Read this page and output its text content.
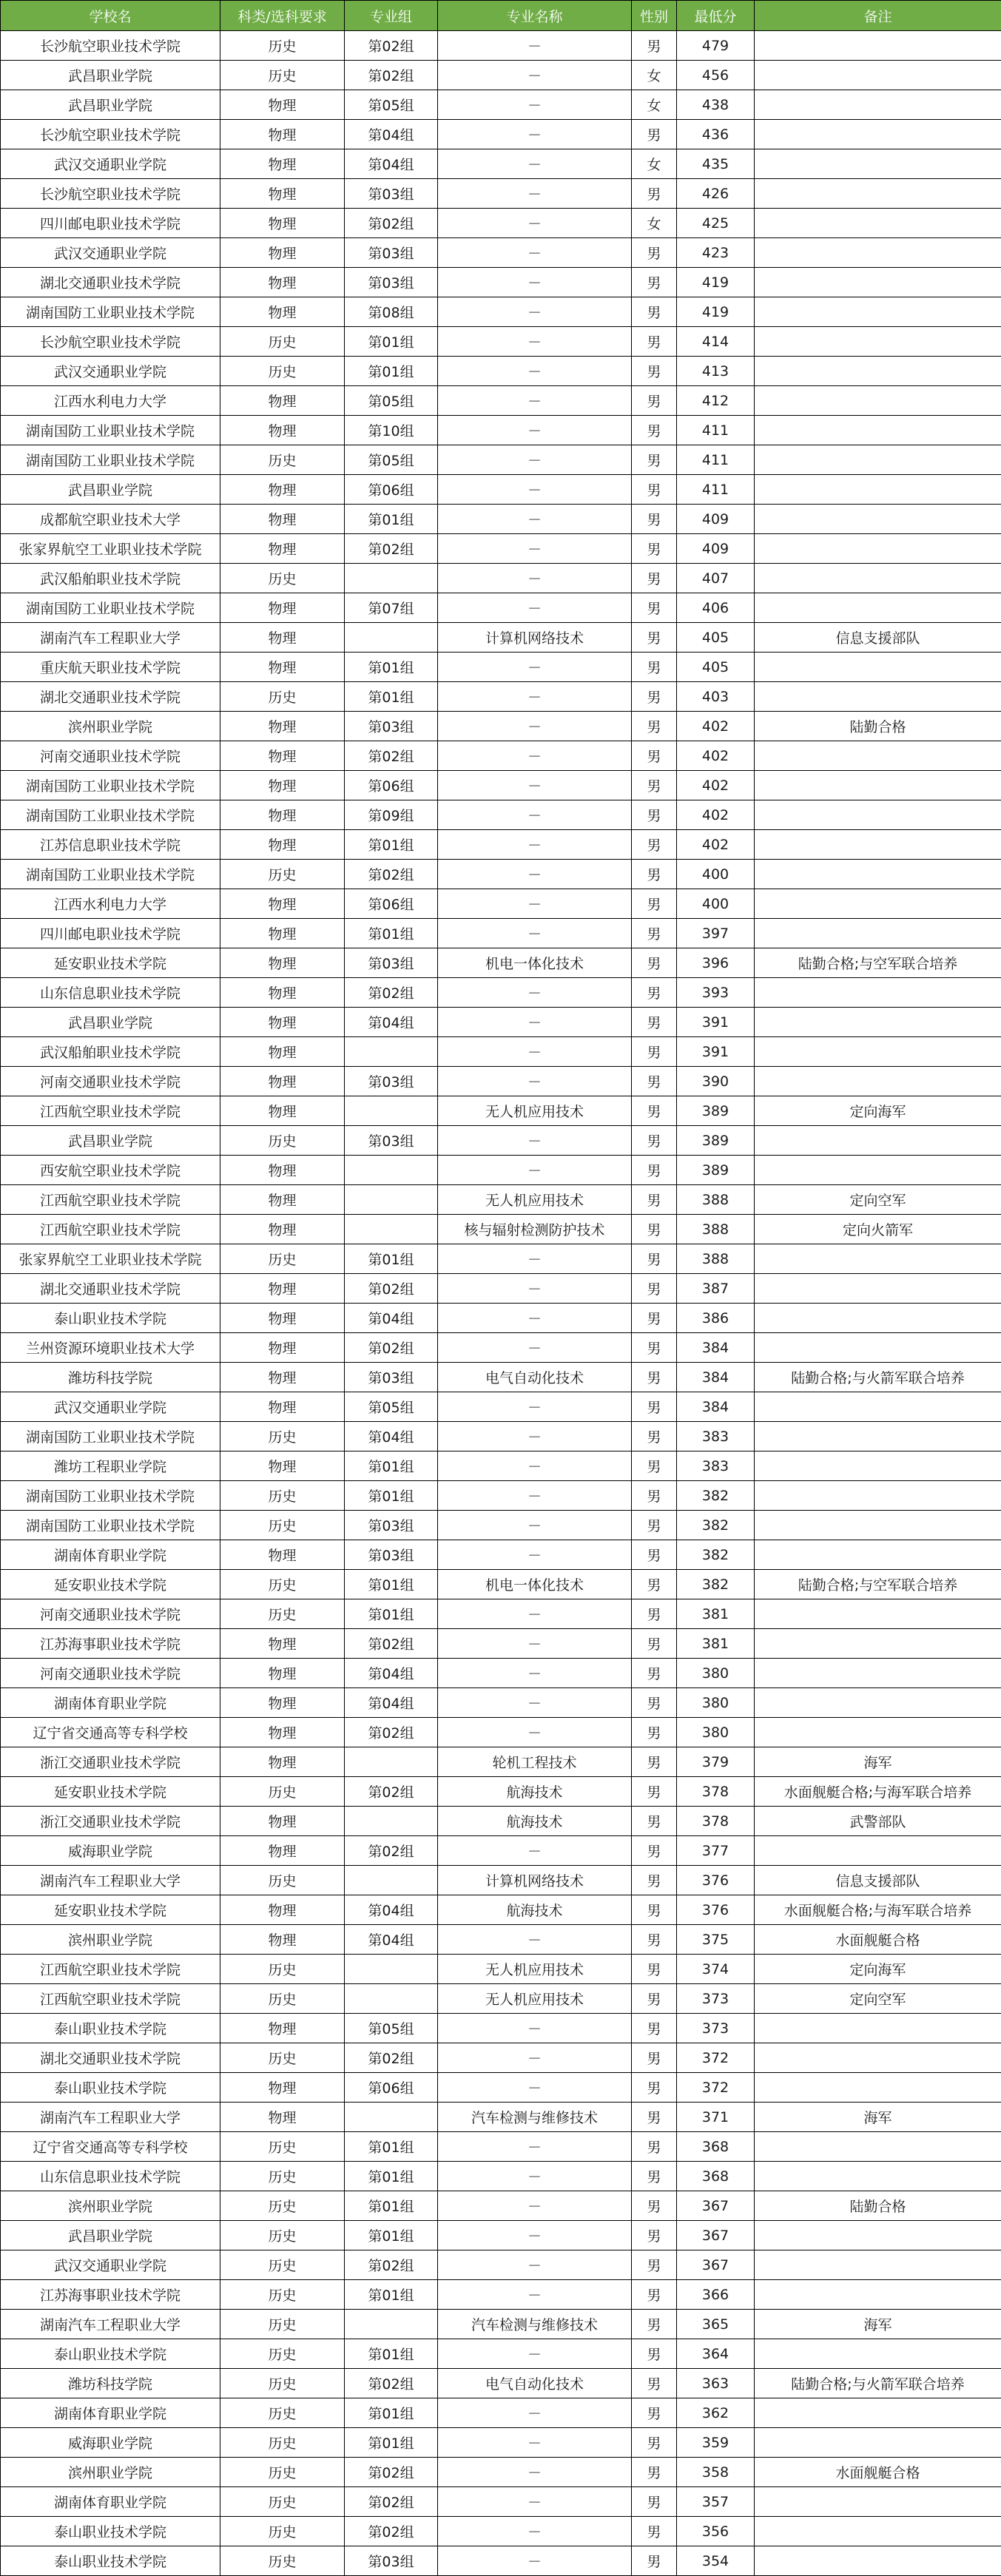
学校名	科类/选科要求	专业组	专业名称	性别	最低分	备注
长沙航空职业技术学院	历史	第02组	－	男	479	
武昌职业学院	历史	第02组	－	女	456	
武昌职业学院	物理	第05组	－	女	438	
长沙航空职业技术学院	物理	第04组	－	男	436	
武汉交通职业学院	物理	第04组	－	女	435	
长沙航空职业技术学院	物理	第03组	－	男	426	
四川邮电职业技术学院	物理	第02组	－	女	425	
武汉交通职业学院	物理	第03组	－	男	423	
湖北交通职业技术学院	物理	第03组	－	男	419	
湖南国防工业职业技术学院	物理	第08组	－	男	419	
长沙航空职业技术学院	历史	第01组	－	男	414	
武汉交通职业学院	历史	第01组	－	男	413	
江西水利电力大学	物理	第05组	－	男	412	
湖南国防工业职业技术学院	物理	第10组	－	男	411	
湖南国防工业职业技术学院	历史	第05组	－	男	411	
武昌职业学院	物理	第06组	－	男	411	
成都航空职业技术大学	物理	第01组	－	男	409	
张家界航空工业职业技术学院	物理	第02组	－	男	409	
武汉船舶职业技术学院	历史		－	男	407	
湖南国防工业职业技术学院	物理	第07组	－	男	406	
湖南汽车工程职业大学	物理		计算机网络技术	男	405	信息支援部队
重庆航天职业技术学院	物理	第01组	－	男	405	
湖北交通职业技术学院	历史	第01组	－	男	403	
滨州职业学院	物理	第03组	－	男	402	陆勤合格
河南交通职业技术学院	物理	第02组	－	男	402	
湖南国防工业职业技术学院	物理	第06组	－	男	402	
湖南国防工业职业技术学院	物理	第09组	－	男	402	
江苏信息职业技术学院	物理	第01组	－	男	402	
湖南国防工业职业技术学院	历史	第02组	－	男	400	
江西水利电力大学	物理	第06组	－	男	400	
四川邮电职业技术学院	物理	第01组	－	男	397	
延安职业技术学院	物理	第03组	机电一体化技术	男	396	陆勤合格;与空军联合培养
山东信息职业技术学院	物理	第02组	－	男	393	
武昌职业学院	物理	第04组	－	男	391	
武汉船舶职业技术学院	物理		－	男	391	
河南交通职业技术学院	物理	第03组	－	男	390	
江西航空职业技术学院	物理		无人机应用技术	男	389	定向海军
武昌职业学院	历史	第03组	－	男	389	
西安航空职业技术学院	物理		－	男	389	
江西航空职业技术学院	物理		无人机应用技术	男	388	定向空军
江西航空职业技术学院	物理		核与辐射检测防护技术	男	388	定向火箭军
张家界航空工业职业技术学院	历史	第01组	－	男	388	
湖北交通职业技术学院	物理	第02组	－	男	387	
泰山职业技术学院	物理	第04组	－	男	386	
兰州资源环境职业技术大学	物理	第02组	－	男	384	
潍坊科技学院	物理	第03组	电气自动化技术	男	384	陆勤合格;与火箭军联合培养
武汉交通职业学院	物理	第05组	－	男	384	
湖南国防工业职业技术学院	历史	第04组	－	男	383	
潍坊工程职业学院	物理	第01组	－	男	383	
湖南国防工业职业技术学院	历史	第01组	－	男	382	
湖南国防工业职业技术学院	历史	第03组	－	男	382	
湖南体育职业学院	物理	第03组	－	男	382	
延安职业技术学院	历史	第01组	机电一体化技术	男	382	陆勤合格;与空军联合培养
河南交通职业技术学院	历史	第01组	－	男	381	
江苏海事职业技术学院	物理	第02组	－	男	381	
河南交通职业技术学院	物理	第04组	－	男	380	
湖南体育职业学院	物理	第04组	－	男	380	
辽宁省交通高等专科学校	物理	第02组	－	男	380	
浙江交通职业技术学院	物理		轮机工程技术	男	379	海军
延安职业技术学院	历史	第02组	航海技术	男	378	水面舰艇合格;与海军联合培养
浙江交通职业技术学院	物理		航海技术	男	378	武警部队
威海职业学院	物理	第02组	－	男	377	
湖南汽车工程职业大学	历史		计算机网络技术	男	376	信息支援部队
延安职业技术学院	物理	第04组	航海技术	男	376	水面舰艇合格;与海军联合培养
滨州职业学院	物理	第04组	－	男	375	水面舰艇合格
江西航空职业技术学院	历史		无人机应用技术	男	374	定向海军
江西航空职业技术学院	历史		无人机应用技术	男	373	定向空军
泰山职业技术学院	物理	第05组	－	男	373	
湖北交通职业技术学院	历史	第02组	－	男	372	
泰山职业技术学院	物理	第06组	－	男	372	
湖南汽车工程职业大学	物理		汽车检测与维修技术	男	371	海军
辽宁省交通高等专科学校	历史	第01组	－	男	368	
山东信息职业技术学院	历史	第01组	－	男	368	
滨州职业学院	历史	第01组	－	男	367	陆勤合格
武昌职业学院	历史	第01组	－	男	367	
武汉交通职业学院	历史	第02组	－	男	367	
江苏海事职业技术学院	历史	第01组	－	男	366	
湖南汽车工程职业大学	历史		汽车检测与维修技术	男	365	海军
泰山职业技术学院	历史	第01组	－	男	364	
潍坊科技学院	历史	第02组	电气自动化技术	男	363	陆勤合格;与火箭军联合培养
湖南体育职业学院	历史	第01组	－	男	362	
威海职业学院	历史	第01组	－	男	359	
滨州职业学院	历史	第02组	－	男	358	水面舰艇合格
湖南体育职业学院	历史	第02组	－	男	357	
泰山职业技术学院	历史	第02组	－	男	356	
泰山职业技术学院	历史	第03组	－	男	354	
